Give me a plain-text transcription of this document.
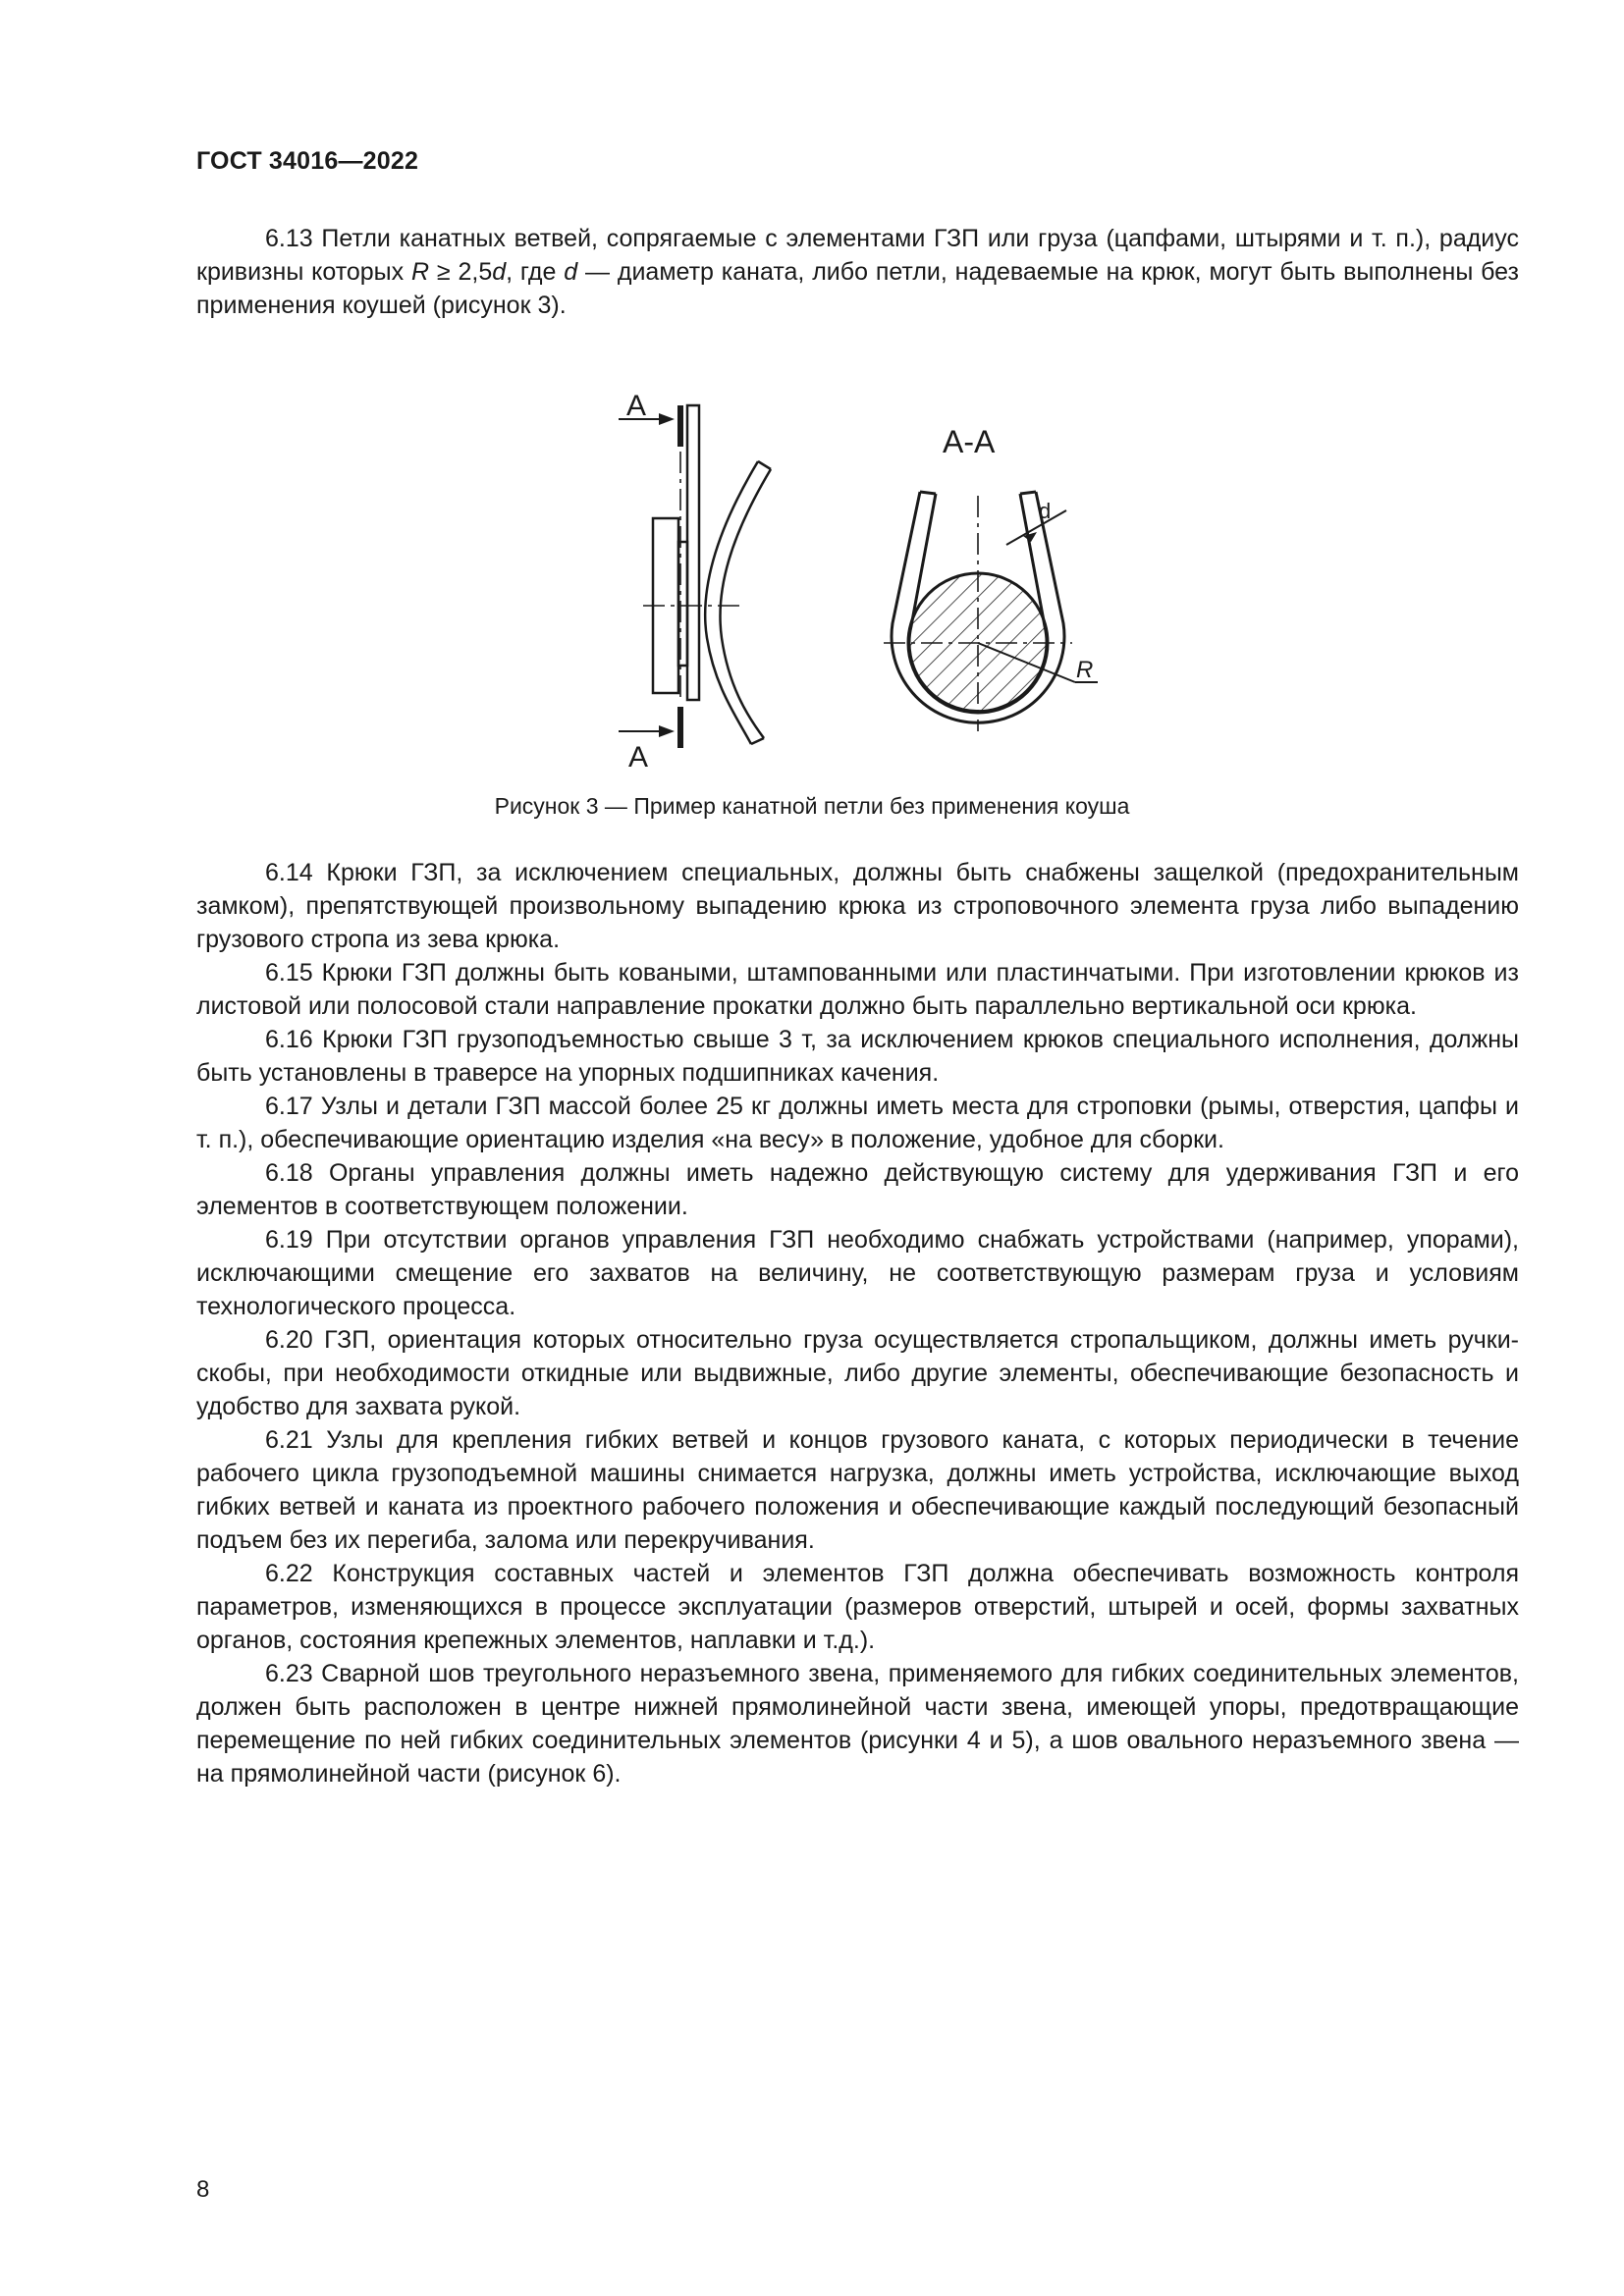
ГОСТ 34016—2022

6.13 Петли канатных ветвей, сопрягаемые с элементами ГЗП или груза (цапфами, штырями и т. п.), радиус кривизны которых R ≥ 2,5d, где d — диаметр каната, либо петли, надеваемые на крюк, могут быть выполнены без применения коушей (рисунок 3).

А
А
А-А
d
R
Рисунок 3 — Пример канатной петли без применения коуша

6.14 Крюки ГЗП, за исключением специальных, должны быть снабжены защелкой (предохранительным замком), препятствующей произвольному выпадению крюка из строповочного элемента груза либо выпадению грузового стропа из зева крюка.

6.15 Крюки ГЗП должны быть коваными, штампованными или пластинчатыми. При изготовлении крюков из листовой или полосовой стали направление прокатки должно быть параллельно вертикальной оси крюка.

6.16 Крюки ГЗП грузоподъемностью свыше 3 т, за исключением крюков специального исполнения, должны быть установлены в траверсе на упорных подшипниках качения.

6.17 Узлы и детали ГЗП массой более 25 кг должны иметь места для строповки (рымы, отверстия, цапфы и т. п.), обеспечивающие ориентацию изделия «на весу» в положение, удобное для сборки.

6.18 Органы управления должны иметь надежно действующую систему для удерживания ГЗП и его элементов в соответствующем положении.

6.19 При отсутствии органов управления ГЗП необходимо снабжать устройствами (например, упорами), исключающими смещение его захватов на величину, не соответствующую размерам груза и условиям технологического процесса.

6.20 ГЗП, ориентация которых относительно груза осуществляется стропальщиком, должны иметь ручки-скобы, при необходимости откидные или выдвижные, либо другие элементы, обеспечивающие безопасность и удобство для захвата рукой.

6.21 Узлы для крепления гибких ветвей и концов грузового каната, с которых периодически в течение рабочего цикла грузоподъемной машины снимается нагрузка, должны иметь устройства, исключающие выход гибких ветвей и каната из проектного рабочего положения и обеспечивающие каждый последующий безопасный подъем без их перегиба, залома или перекручивания.

6.22 Конструкция составных частей и элементов ГЗП должна обеспечивать возможность контроля параметров, изменяющихся в процессе эксплуатации (размеров отверстий, штырей и осей, формы захватных органов, состояния крепежных элементов, наплавки и т.д.).

6.23 Сварной шов треугольного неразъемного звена, применяемого для гибких соединительных элементов, должен быть расположен в центре нижней прямолинейной части звена, имеющей упоры, предотвращающие перемещение по ней гибких соединительных элементов (рисунки 4 и 5), а шов овального неразъемного звена — на прямолинейной части (рисунок 6).

8
